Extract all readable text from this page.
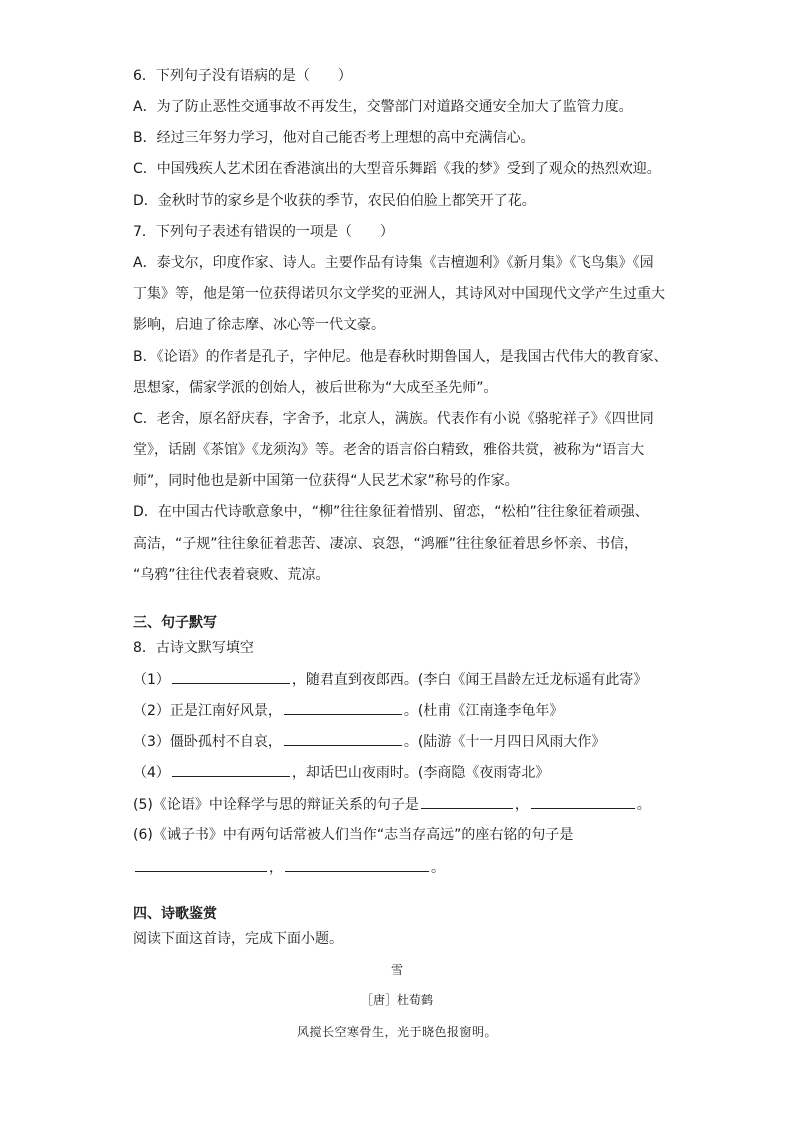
6．下列句子没有语病的是（　　）
A．为了防止恶性交通事故不再发生，交警部门对道路交通安全加大了监管力度。
B．经过三年努力学习，他对自己能否考上理想的高中充满信心。
C．中国残疾人艺术团在香港演出的大型音乐舞蹈《我的梦》受到了观众的热烈欢迎。
D．金秋时节的家乡是个收获的季节，农民伯伯脸上都笑开了花。
7．下列句子表述有错误的一项是（　　）
A．泰戈尔，印度作家、诗人。主要作品有诗集《吉檀迦利》《新月集》《飞鸟集》《园
丁集》等，他是第一位获得诺贝尔文学奖的亚洲人，其诗风对中国现代文学产生过重大
影响，启迪了徐志摩、冰心等一代文豪。
B．《论语》的作者是孔子，字仲尼。他是春秋时期鲁国人，是我国古代伟大的教育家、
思想家，儒家学派的创始人，被后世称为“大成至圣先师”。
C．老舍，原名舒庆春，字舍予，北京人，满族。代表作有小说《骆驼祥子》《四世同
堂》，话剧《茶馆》《龙须沟》等。老舍的语言俗白精致，雅俗共赏，被称为“语言大
师”，同时他也是新中国第一位获得“人民艺术家”称号的作家。
D．在中国古代诗歌意象中，“柳”往往象征着惜别、留恋，“松柏”往往象征着顽强、
高洁，“子规”往往象征着悲苦、凄凉、哀怨，“鸿雁”往往象征着思乡怀亲、书信，
“乌鸦”往往代表着衰败、荒凉。
三、句子默写
8．古诗文默写填空
（1）	，随君直到夜郎西。(李白《闻王昌龄左迁龙标遥有此寄》
（2）正是江南好风景，	。(杜甫《江南逢李龟年》
（3）僵卧孤村不自哀，	。(陆游《十一月四日风雨大作》
（4）	，却话巴山夜雨时。(李商隐《夜雨寄北》
(5)《论语》中诠释学与思的辩证关系的句子是	，	。
(6)《诫子书》中有两句话常被人们当作“志当存高远”的座右铭的句子是
，	。
四、诗歌鉴赏
阅读下面这首诗，完成下面小题。
雪
［唐］杜荀鹤
风搅长空寒骨生，光于晓色报窗明。
